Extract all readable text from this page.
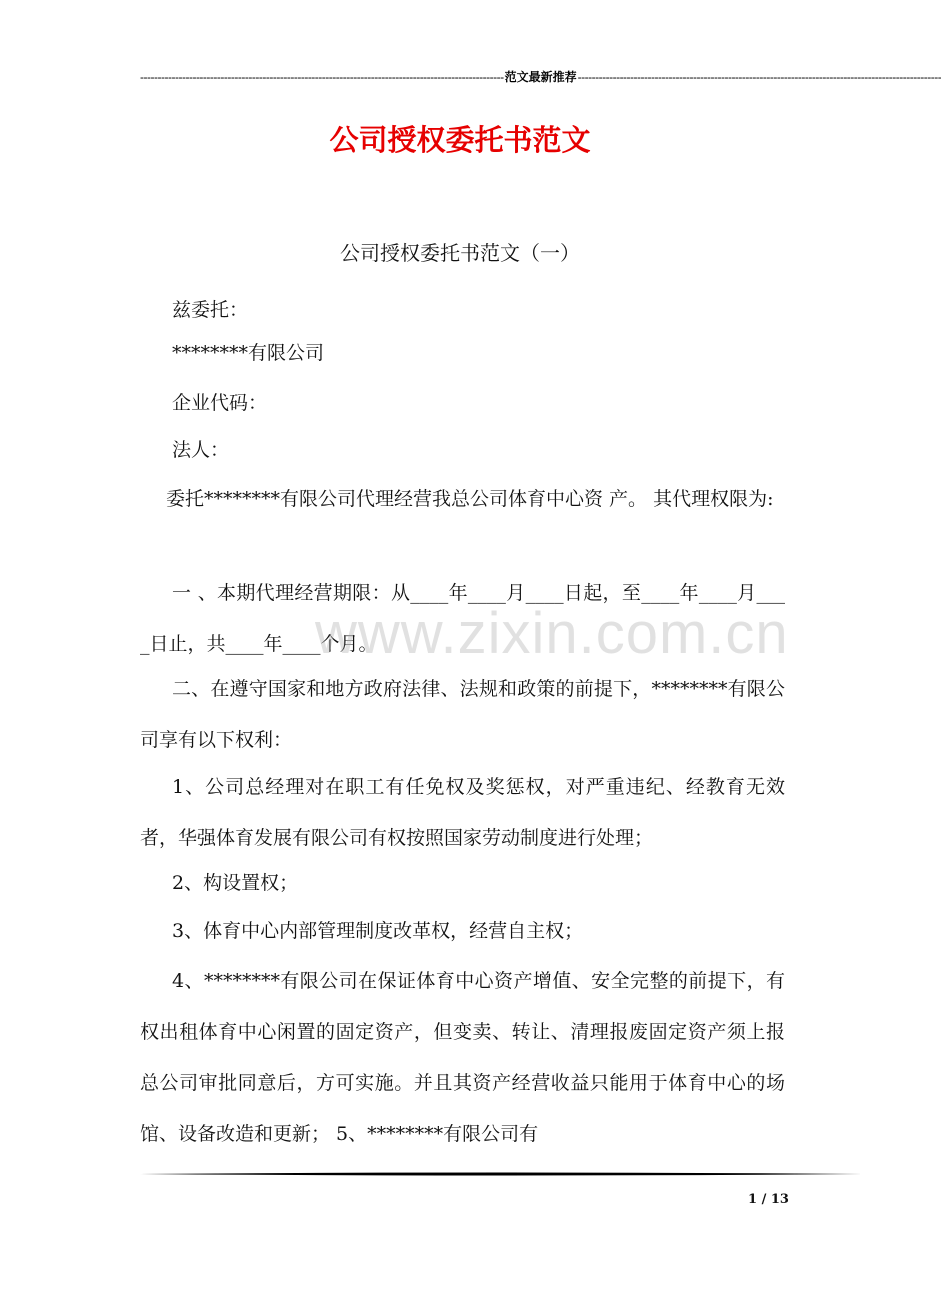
-------------------------------------------------------------------------------------------------------- 范文最新推荐 --------------------------------------------------------------------------------------------------------
公司授权委托书范文
公司授权委托书范文（一）
兹委托：
********有限公司
企业代码：
法人：
委托********有限公司代理经营我总公司体育中心资 产。 其代理权限为:
一 、本期代理经营期限：从____年____月____日起，至____年____月____日止，共____年____个月。
二、在遵守国家和地方政府法律、法规和政策的前提下，********有限公司享有以下权利：
1、公司总经理对在职工有任免权及奖惩权，对严重违纪、经教育无效者，华强体育发展有限公司有权按照国家劳动制度进行处理；
2、构设置权；
3、体育中心内部管理制度改革权，经营自主权；
4、********有限公司在保证体育中心资产增值、安全完整的前提下，有权出租体育中心闲置的固定资产，但变卖、转让、清理报废固定资产须上报总公司审批同意后，方可实施。并且其资产经营收益只能用于体育中心的场馆、设备改造和更新； 5、********有限公司有
www.zixin.com.cn
1 / 13
